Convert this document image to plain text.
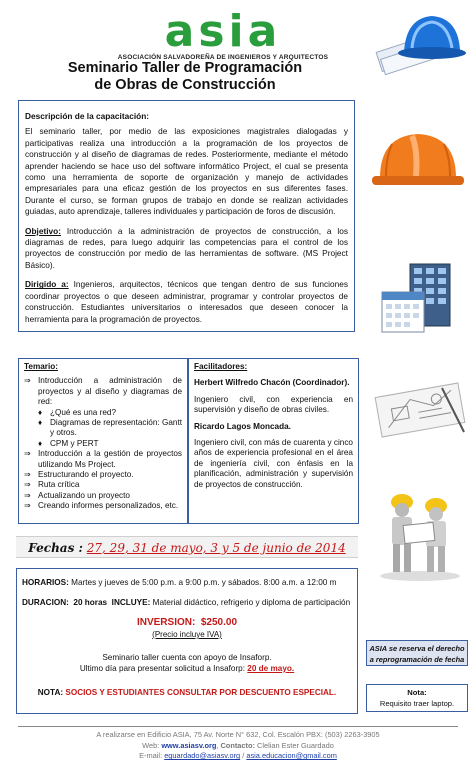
asia
ASOCIACIÓN SALVADOREÑA DE INGENIEROS Y ARQUITECTOS
Seminario Taller de Programación
de Obras de Construcción
Descripción de la capacitación:

El seminario taller, por medio de las exposiciones magistrales dialogadas y participativas realiza una introducción a la programación de los proyectos de construcción y al diseño de diagramas de redes. Posteriormente, mediante el método aprender haciendo se hace uso del software informático Project, el cual se presenta como una herramienta de soporte de organización y manejo de actividades empresariales para una eficaz gestión de los proyectos en sus diferentes fases. Durante el curso, se forman grupos de trabajo en donde se realizan actividades guiadas, auto aprendizaje, talleres individuales y participación de foros de discusión.

Objetivo: Introducción a la administración de proyectos de construcción, a los diagramas de redes, para luego adquirir las competencias para el control de los proyectos de construcción por medio de las herramientas de software. (MS Project Básico).

Dirigido a: Ingenieros, arquitectos, técnicos que tengan dentro de sus funciones coordinar proyectos o que deseen administrar, programar y controlar proyectos de construcción. Estudiantes universitarios o interesados que deseen conocer la herramienta para la programación de proyectos.

Temario:
⇒ Introducción a administración de proyectos y al diseño y diagramas de red:
♦ ¿Qué es una red?
♦ Diagramas de representación: Gantt y otros.
♦ CPM y PERT
⇒ Introducción a la gestión de proyectos utilizando Ms Project.
⇒ Estructurando el proyecto.
⇒ Ruta crítica
⇒ Actualizando un proyecto
⇒ Creando informes personalizados, etc.
Facilitadores:
Herbert Wilfredo Chacón (Coordinador).

Ingeniero civil, con experiencia en supervisión y diseño de obras civiles.

Ricardo Lagos Moncada.

Ingeniero civil, con más de cuarenta y cinco años de experiencia profesional en el área de ingeniería civil, con énfasis en la planificación, administración y supervisión de proyectos de construcción.

Fechas : 27, 29, 31 de mayo, 3 y 5 de junio de 2014
HORARIOS: Martes y jueves de 5:00 p.m. a 9:00 p.m. y sábados. 8:00 a.m. a 12:00 m
DURACION: 20 horas INCLUYE: Material didáctico, refrigerio y diploma de participación
INVERSION: $250.00
(Precio incluye IVA)
Seminario taller cuenta con apoyo de Insaforp.
Ultimo día para presentar solicitud a Insaforp: 20 de mayo.
NOTA: SOCIOS Y ESTUDIANTES CONSULTAR POR DESCUENTO ESPECIAL.
ASIA se reserva el derecho a reprogramación de fecha
Nota:
Requisito traer laptop.
A realizarse en Edificio ASIA, 75 Av. Norte N° 632, Col. Escalón PBX: (503) 2263-3905
Web: www.asiasv.org, Contacto: Clelian Ester Guardado
E-mail: eguardado@asiasv.org / asia.educacion@gmail.com
